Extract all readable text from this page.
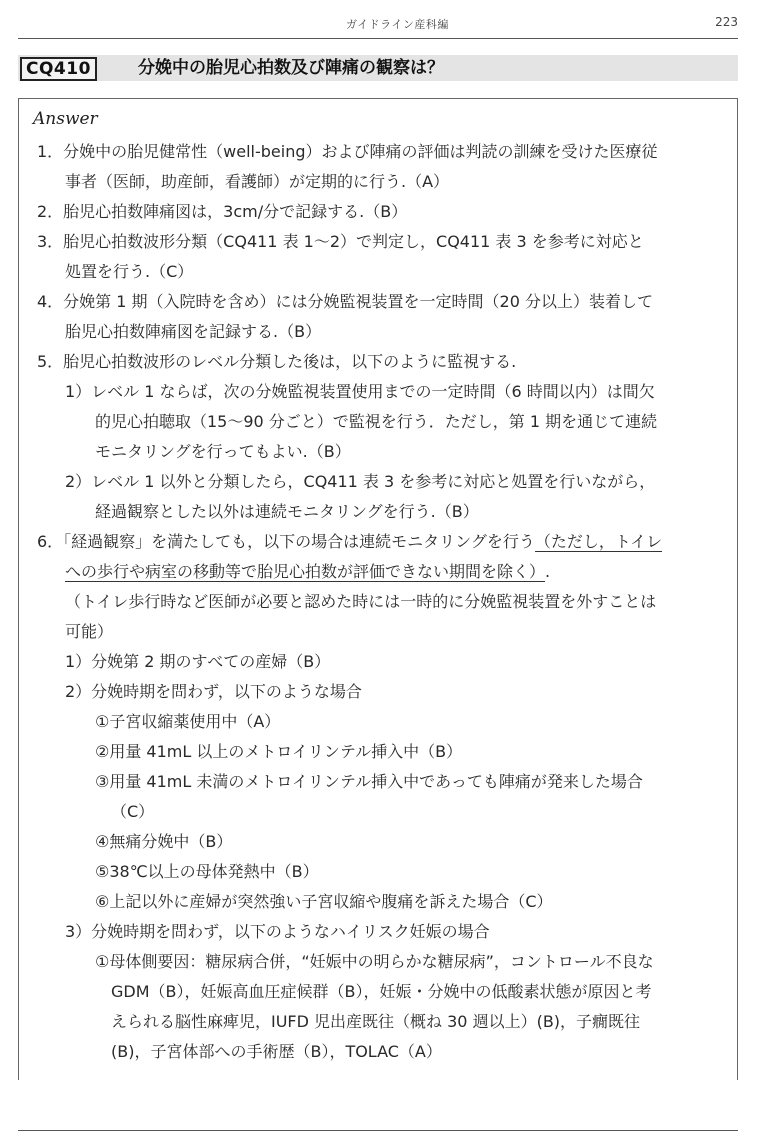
ガイドライン産科編	223
CQ410	分娩中の胎児心拍数及び陣痛の観察は？
Answer
1．分娩中の胎児健常性（well-being）および陣痛の評価は判読の訓練を受けた医療従
事者（医師，助産師，看護師）が定期的に行う.（A）
2．胎児心拍数陣痛図は，3cm/分で記録する.（B）
3．胎児心拍数波形分類（CQ411 表 1〜2）で判定し，CQ411 表 3 を参考に対応と
処置を行う.（C）
4．分娩第 1 期（入院時を含め）には分娩監視装置を一定時間（20 分以上）装着して
胎児心拍数陣痛図を記録する.（B）
5．胎児心拍数波形のレベル分類した後は，以下のように監視する.
1）レベル 1 ならば，次の分娩監視装置使用までの一定時間（6 時間以内）は間欠
的児心拍聴取（15〜90 分ごと）で監視を行う．ただし，第 1 期を通じて連続
モニタリングを行ってもよい.（B）
2）レベル 1 以外と分類したら，CQ411 表 3 を参考に対応と処置を行いながら，
経過観察とした以外は連続モニタリングを行う.（B）
6．「経過観察」を満たしても，以下の場合は連続モニタリングを行う（ただし，トイレ
への歩行や病室の移動等で胎児心拍数が評価できない期間を除く）.
（トイレ歩行時など医師が必要と認めた時には一時的に分娩監視装置を外すことは
可能）
1）分娩第 2 期のすべての産婦（B）
2）分娩時期を問わず，以下のような場合
①子宮収縮薬使用中（A）
②用量 41mL 以上のメトロイリンテル挿入中（B）
③用量 41mL 未満のメトロイリンテル挿入中であっても陣痛が発来した場合
（C）
④無痛分娩中（B）
⑤38℃以上の母体発熱中（B）
⑥上記以外に産婦が突然強い子宮収縮や腹痛を訴えた場合（C）
3）分娩時期を問わず，以下のようなハイリスク妊娠の場合
①母体側要因：糖尿病合併，“妊娠中の明らかな糖尿病”，コントロール不良な
GDM（B），妊娠高血圧症候群（B），妊娠・分娩中の低酸素状態が原因と考
えられる脳性麻痺児，IUFD 児出産既往（概ね 30 週以上）(B)，子癇既往
(B)，子宮体部への手術歴（B），TOLAC（A）
